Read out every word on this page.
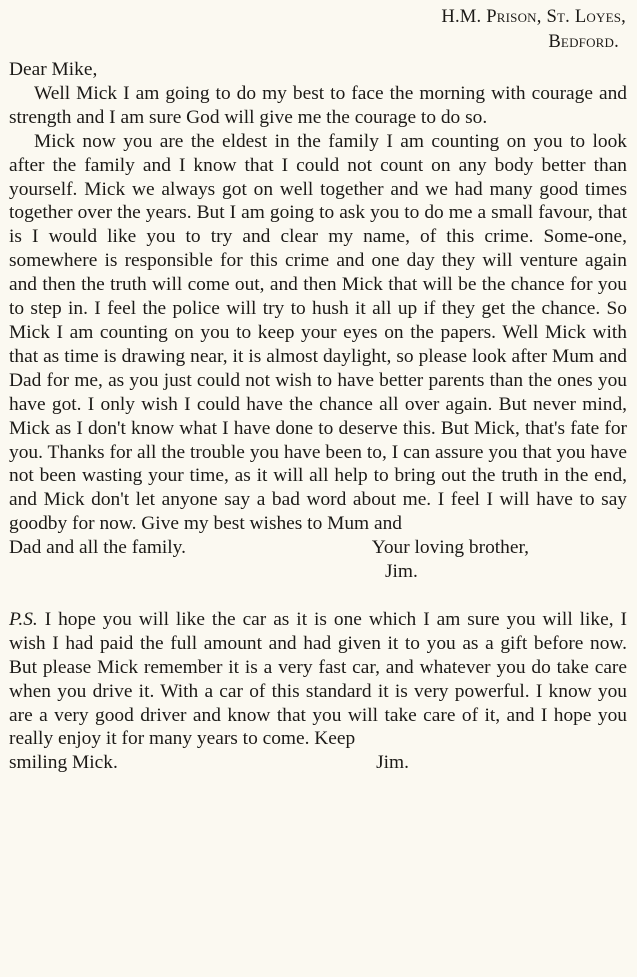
H.M. Prison, St. Loyes,
Bedford.
Dear Mike,

Well Mick I am going to do my best to face the morning with courage and strength and I am sure God will give me the courage to do so.

Mick now you are the eldest in the family I am counting on you to look after the family and I know that I could not count on any body better than yourself. Mick we always got on well together and we had many good times together over the years. But I am going to ask you to do me a small favour, that is I would like you to try and clear my name, of this crime. Some-one, somewhere is responsible for this crime and one day they will venture again and then the truth will come out, and then Mick that will be the chance for you to step in. I feel the police will try to hush it all up if they get the chance. So Mick I am counting on you to keep your eyes on the papers. Well Mick with that as time is drawing near, it is almost daylight, so please look after Mum and Dad for me, as you just could not wish to have better parents than the ones you have got. I only wish I could have the chance all over again. But never mind, Mick as I don't know what I have done to deserve this. But Mick, that's fate for you. Thanks for all the trouble you have been to, I can assure you that you have not been wasting your time, as it will all help to bring out the truth in the end, and Mick don't let anyone say a bad word about me. I feel I will have to say goodby for now. Give my best wishes to Mum and

Dad and all the family.	Your loving brother,
Jim.
P.S. I hope you will like the car as it is one which I am sure you will like, I wish I had paid the full amount and had given it to you as a gift before now. But please Mick remember it is a very fast car, and whatever you do take care when you drive it. With a car of this standard it is very powerful. I know you are a very good driver and know that you will take care of it, and I hope you really enjoy it for many years to come. Keep
smiling Mick.	Jim.
